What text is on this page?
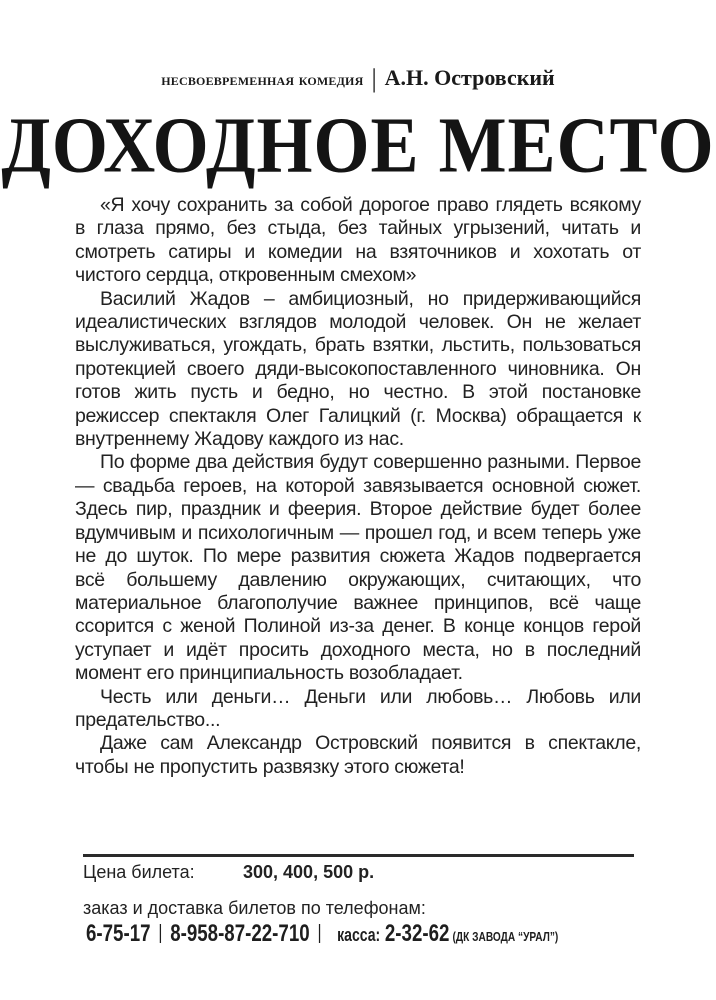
несвоевременная комедия | А.Н. Островский
ДОХОДНОЕ МЕСТО

«Я хочу сохранить за собой дорогое право глядеть всякому в глаза прямо, без стыда, без тайных угрызений, читать и смотреть сатиры и комедии на взяточников и хохотать от чистого сердца, откровенным смехом»

Василий Жадов – амбициозный, но придерживающийся идеалистических взглядов молодой человек. Он не желает выслуживаться, угождать, брать взятки, льстить, пользоваться протекцией своего дяди-высокопоставленного чиновника. Он готов жить пусть и бедно, но честно. В этой постановке режиссер спектакля Олег Галицкий (г. Москва) обращается к внутреннему Жадову каждого из нас.

По форме два действия будут совершенно разными. Первое — свадьба героев, на которой завязывается основной сюжет. Здесь пир, праздник и феерия. Второе действие будет более вдумчивым и психологичным — прошел год, и всем теперь уже не до шуток. По мере развития сюжета Жадов подвергается всё большему давлению окружающих, считающих, что материальное благополучие важнее принципов, всё чаще ссорится с женой Полиной из-за денег. В конце концов герой уступает и идёт просить доходного места, но в последний момент его принципиальность возобладает.

Честь или деньги… Деньги или любовь… Любовь или предательство...

Даже сам Александр Островский появится в спектакле, чтобы не пропустить развязку этого сюжета!

Цена билета:	300, 400, 500 р.
заказ и доставка билетов по телефонам:
6-75-17 | 8-958-87-22-710 | касса: 2-32-62 (ДК ЗАВОДА “УРАЛ”)
